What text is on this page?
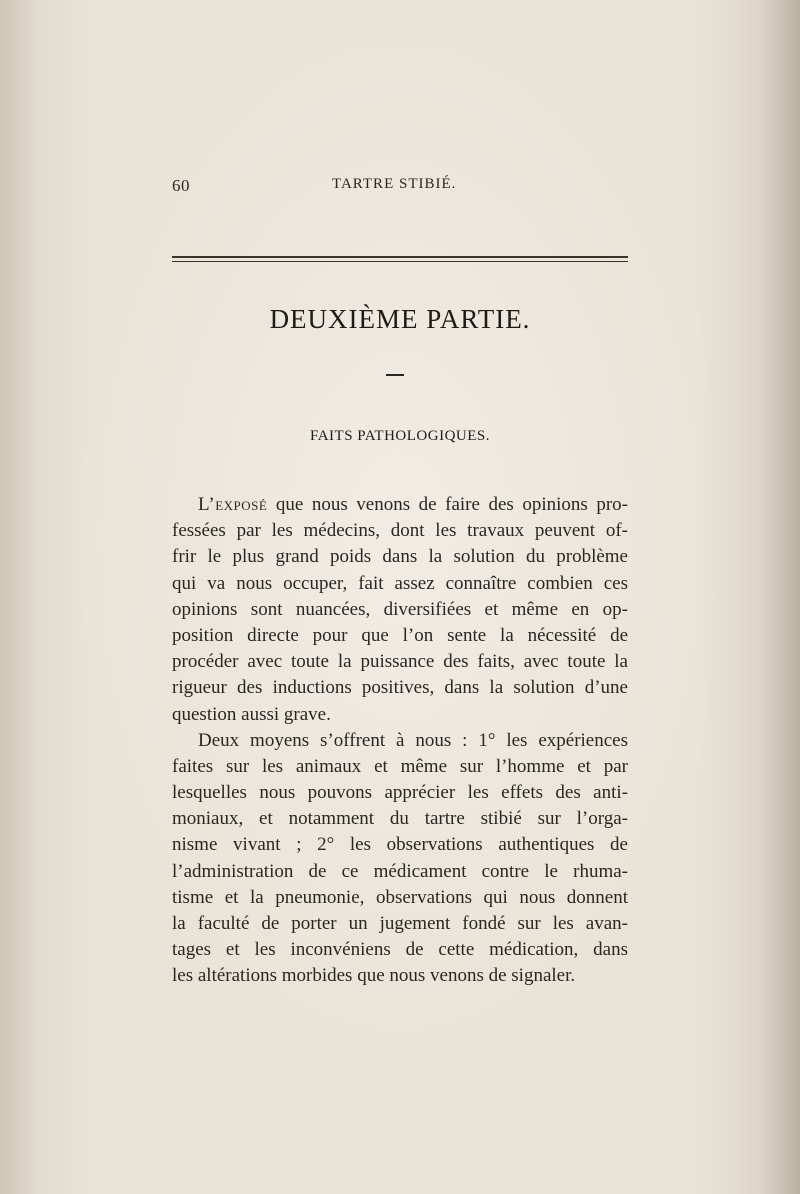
60	TARTRE STIBIÉ.
DEUXIÈME PARTIE.
FAITS PATHOLOGIQUES.
L’exposé que nous venons de faire des opinions pro-
fessées par les médecins, dont les travaux peuvent of-
frir le plus grand poids dans la solution du problème
qui va nous occuper, fait assez connaître combien ces
opinions sont nuancées, diversifiées et même en op-
position directe pour que l’on sente la nécessité de
procéder avec toute la puissance des faits, avec toute la
rigueur des inductions positives, dans la solution d’une
question aussi grave.
Deux moyens s’offrent à nous : 1° les expériences
faites sur les animaux et même sur l’homme et par
lesquelles nous pouvons apprécier les effets des anti-
moniaux, et notamment du tartre stibié sur l’orga-
nisme vivant ; 2° les observations authentiques de
l’administration de ce médicament contre le rhuma-
tisme et la pneumonie, observations qui nous donnent
la faculté de porter un jugement fondé sur les avan-
tages et les inconvéniens de cette médication, dans
les altérations morbides que nous venons de signaler.
